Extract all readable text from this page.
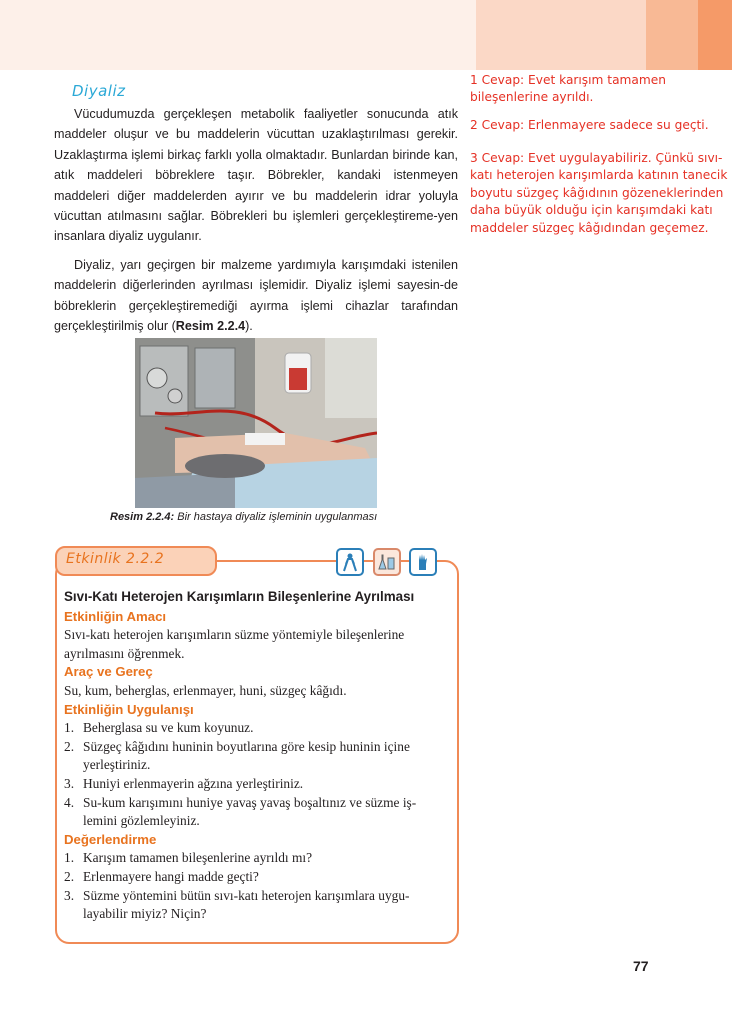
Diyaliz

Vücudumuzda gerçekleşen metabolik faaliyetler sonucunda atık maddeler oluşur ve bu maddelerin vücuttan uzaklaştırılması gerekir. Uzaklaştırma işlemi birkaç farklı yolla olmaktadır. Bunlardan birinde kan, atık maddeleri böbreklere taşır. Böbrekler, kandaki istenmeyen maddeleri diğer maddelerden ayırır ve bu maddelerin idrar yoluyla vücuttan atılmasını sağlar. Böbrekleri bu işlemleri gerçekleştireme-yen insanlara diyaliz uygulanır.

Diyaliz, yarı geçirgen bir malzeme yardımıyla karışımdaki istenilen maddelerin diğerlerinden ayrılması işlemidir. Diyaliz işlemi sayesin-de böbreklerin gerçekleştiremediği ayırma işlemi cihazlar tarafından gerçekleştirilmiş olur (Resim 2.2.4).

1 Cevap: Evet karışım tamamen bileşenlerine ayrıldı.
2 Cevap: Erlenmayere sadece su geçti.
3 Cevap: Evet uygulayabiliriz. Çünkü sıvı-katı heterojen karışımlarda katının tanecik boyutu süzgeç kâğıdının gözeneklerinden daha büyük olduğu için karışımdaki katı maddeler süzgeç kâğıdından geçemez.
Resim 2.2.4: Bir hastaya diyaliz işleminin uygulanması
Etkinlik 2.2.2
Sıvı-Katı Heterojen Karışımların Bileşenlerine Ayrılması
Etkinliğin Amacı
Sıvı-katı heterojen karışımların süzme yöntemiyle bileşenlerine ayrılmasını öğrenmek.
Araç ve Gereç
Su, kum, beherglas, erlenmayer, huni, süzgeç kâğıdı.
Etkinliğin Uygulanışı
1. Beherglasa su ve kum koyunuz.
2. Süzgeç kâğıdını huninin boyutlarına göre kesip huninin içine yerleştiriniz.
3. Huniyi erlenmayerin ağzına yerleştiriniz.
4. Su-kum karışımını huniye yavaş yavaş boşaltınız ve süzme iş-lemini gözlemleyiniz.
Değerlendirme
1. Karışım tamamen bileşenlerine ayrıldı mı?
2. Erlenmayere hangi madde geçti?
3. Süzme yöntemini bütün sıvı-katı heterojen karışımlara uygu-layabilir miyiz? Niçin?
77
